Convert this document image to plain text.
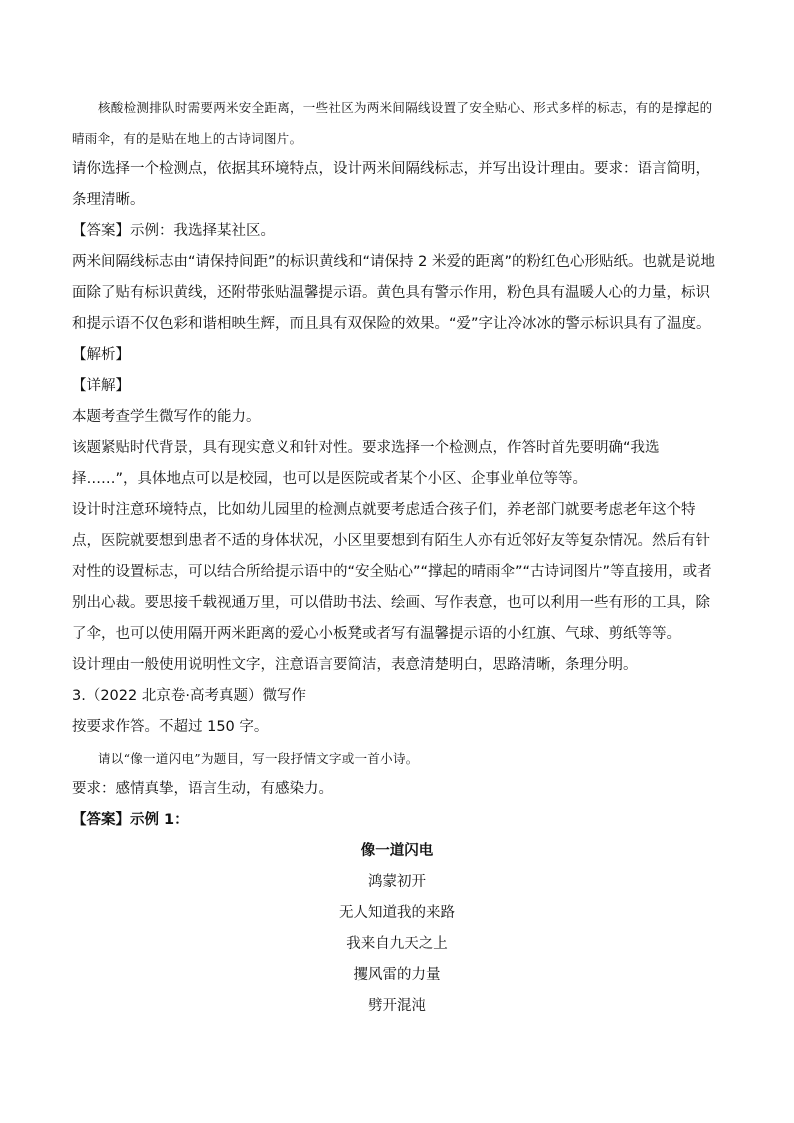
核酸检测排队时需要两米安全距离，一些社区为两米间隔线设置了安全贴心、形式多样的标志，有的是撑起的晴雨伞，有的是贴在地上的古诗词图片。

请你选择一个检测点，依据其环境特点，设计两米间隔线标志，并写出设计理由。要求：语言简明，条理清晰。

【答案】示例：我选择某社区。

两米间隔线标志由“请保持间距”的标识黄线和“请保持 2 米爱的距离”的粉红色心形贴纸。也就是说地面除了贴有标识黄线，还附带张贴温馨提示语。黄色具有警示作用，粉色具有温暖人心的力量，标识和提示语不仅色彩和谐相映生辉，而且具有双保险的效果。“爱”字让冷冰冰的警示标识具有了温度。

【解析】

【详解】

本题考查学生微写作的能力。

该题紧贴时代背景，具有现实意义和针对性。要求选择一个检测点，作答时首先要明确“我选择……”，具体地点可以是校园，也可以是医院或者某个小区、企事业单位等等。

设计时注意环境特点，比如幼儿园里的检测点就要考虑适合孩子们，养老部门就要考虑老年这个特点，医院就要想到患者不适的身体状况，小区里要想到有陌生人亦有近邻好友等复杂情况。然后有针对性的设置标志，可以结合所给提示语中的“安全贴心”“撑起的晴雨伞”“古诗词图片”等直接用，或者别出心裁。要思接千载视通万里，可以借助书法、绘画、写作表意，也可以利用一些有形的工具，除了伞，也可以使用隔开两米距离的爱心小板凳或者写有温馨提示语的小红旗、气球、剪纸等等。

设计理由一般使用说明性文字，注意语言要简洁，表意清楚明白，思路清晰，条理分明。

3.（2022 北京卷·高考真题）微写作

按要求作答。不超过 150 字。

请以“像一道闪电”为题目，写一段抒情文字或一首小诗。

要求：感情真挚，语言生动，有感染力。

【答案】示例 1：

像一道闪电

鸿蒙初开

无人知道我的来路

我来自九天之上

攫风雷的力量

劈开混沌
